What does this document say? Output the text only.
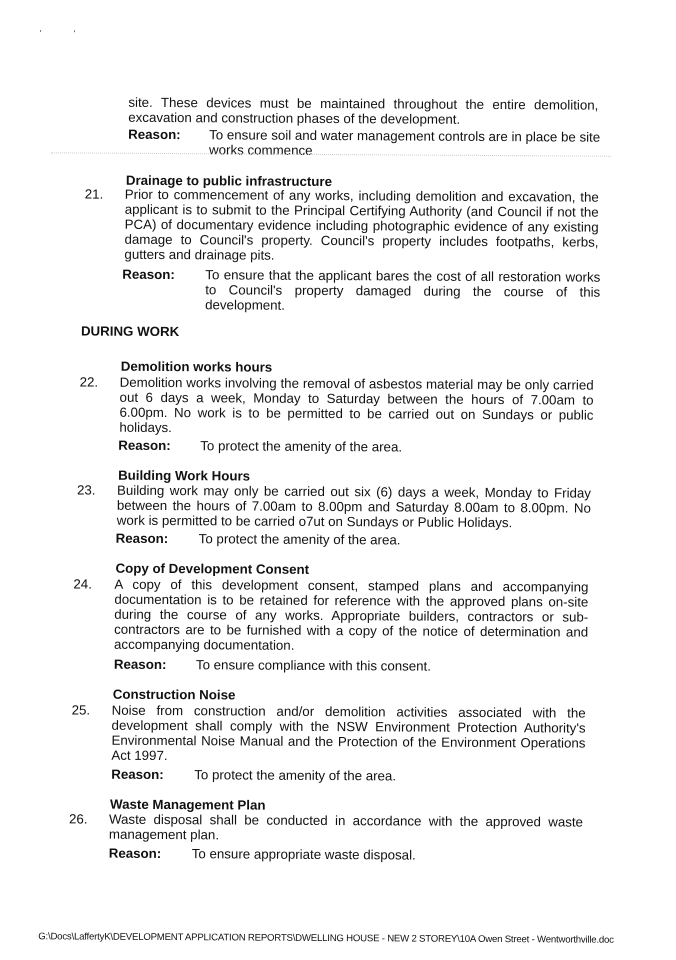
'	'
site. These devices must be maintained throughout the entire demolition, excavation and construction phases of the development.
Reason: To ensure soil and water management controls are in place be site works commence
Drainage to public infrastructure
21. Prior to commencement of any works, including demolition and excavation, the applicant is to submit to the Principal Certifying Authority (and Council if not the PCA) of documentary evidence including photographic evidence of any existing damage to Council's property. Council's property includes footpaths, kerbs, gutters and drainage pits.
Reason: To ensure that the applicant bares the cost of all restoration works to Council's property damaged during the course of this development.
DURING WORK
Demolition works hours
22. Demolition works involving the removal of asbestos material may be only carried out 6 days a week, Monday to Saturday between the hours of 7.00am to 6.00pm. No work is to be permitted to be carried out on Sundays or public holidays.
Reason: To protect the amenity of the area.
Building Work Hours
23. Building work may only be carried out six (6) days a week, Monday to Friday between the hours of 7.00am to 8.00pm and Saturday 8.00am to 8.00pm. No work is permitted to be carried o7ut on Sundays or Public Holidays.
Reason: To protect the amenity of the area.
Copy of Development Consent
24. A copy of this development consent, stamped plans and accompanying documentation is to be retained for reference with the approved plans on-site during the course of any works. Appropriate builders, contractors or sub-contractors are to be furnished with a copy of the notice of determination and accompanying documentation.
Reason: To ensure compliance with this consent.
Construction Noise
25. Noise from construction and/or demolition activities associated with the development shall comply with the NSW Environment Protection Authority's Environmental Noise Manual and the Protection of the Environment Operations Act 1997.
Reason: To protect the amenity of the area.
Waste Management Plan
26. Waste disposal shall be conducted in accordance with the approved waste management plan.
Reason: To ensure appropriate waste disposal.
G:\Docs\LaffertyK\DEVELOPMENT APPLICATION REPORTS\DWELLING HOUSE - NEW 2 STOREY\10A Owen Street - Wentworthville.doc
